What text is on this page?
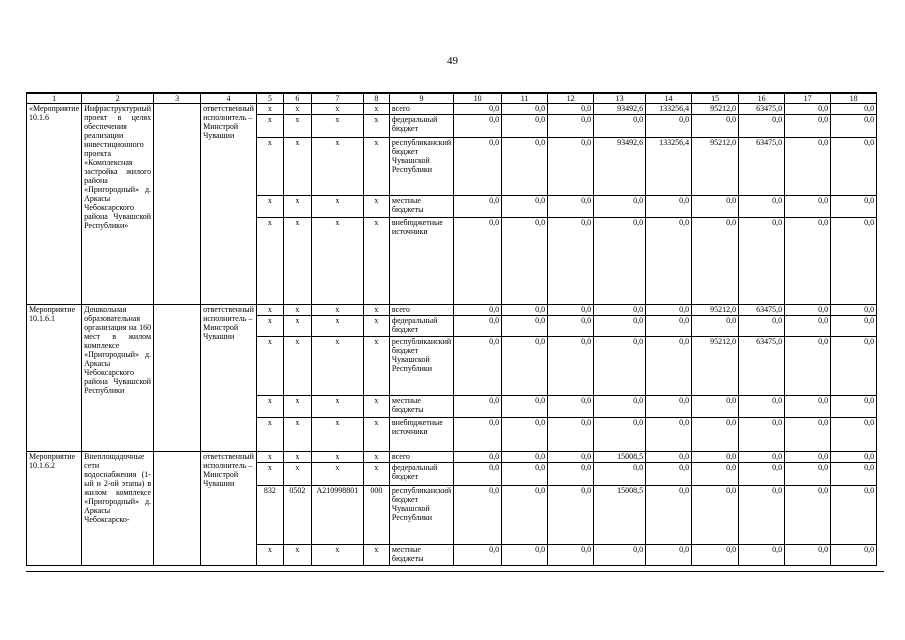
49
1	2	3	4	5	6	7	8	9	10	11	12	13	14	15	16	17	18
«Мероприятие 10.1.6	Инфраструктурный проект в целях обеспечения реализации инвестиционного проекта «Комплексная застройка жилого района «Пригородный» д. Аркасы Чебоксарского района Чувашской Республики»		ответственный исполнитель – Минстрой Чувашии	x	x	x	x	всего	0,0	0,0	0,0	93492,6	133256,4	95212,0	63475,0	0,0	0,0
				x	x	x	x	федеральный бюджет	0,0	0,0	0,0	0,0	0,0	0,0	0,0	0,0	0,0
				x	x	x	x	республиканский бюджет Чувашской Республики	0,0	0,0	0,0	93492,6	133256,4	95212,0	63475,0	0,0	0,0
				x	x	x	x	местные бюджеты	0,0	0,0	0,0	0,0	0,0	0,0	0,0	0,0	0,0
				x	x	x	x	внебюджетные источники	0,0	0,0	0,0	0,0	0,0	0,0	0,0	0,0	0,0
Мероприятие 10.1.6.1	Дошкольная образовательная организация на 160 мест в жилом комплексе «Пригородный» д. Аркасы Чебоксарского района Чувашской Республики		ответственный исполнитель – Минстрой Чувашии	x	x	x	x	всего	0,0	0,0	0,0	0,0	0,0	95212,0	63475,0	0,0	0,0
				x	x	x	x	федеральный бюджет	0,0	0,0	0,0	0,0	0,0	0,0	0,0	0,0	0,0
				x	x	x	x	республиканский бюджет Чувашской Республики	0,0	0,0	0,0	0,0	0,0	95212,0	63475,0	0,0	0,0
				x	x	x	x	местные бюджеты	0,0	0,0	0,0	0,0	0,0	0,0	0,0	0,0	0,0
				x	x	x	x	внебюджетные источники	0,0	0,0	0,0	0,0	0,0	0,0	0,0	0,0	0,0
Мероприятие 10.1.6.2	Внеплощадочные сети водоснабжения (1-ый и 2-ой этапы) в жилом комплексе «Пригородный» д. Аркасы Чебоксарско-		ответственный исполнитель – Минстрой Чувашии	x	x	x	x	всего	0,0	0,0	0,0	15008,5	0,0	0,0	0,0	0,0	0,0
				x	x	x	x	федеральный бюджет	0,0	0,0	0,0	0,0	0,0	0,0	0,0	0,0	0,0
				832	0502	A210998801	000	республиканский бюджет Чувашской Республики	0,0	0,0	0,0	15008,5	0,0	0,0	0,0	0,0	0,0
				x	x	x	x	местные бюджеты	0,0	0,0	0,0	0,0	0,0	0,0	0,0	0,0	0,0
